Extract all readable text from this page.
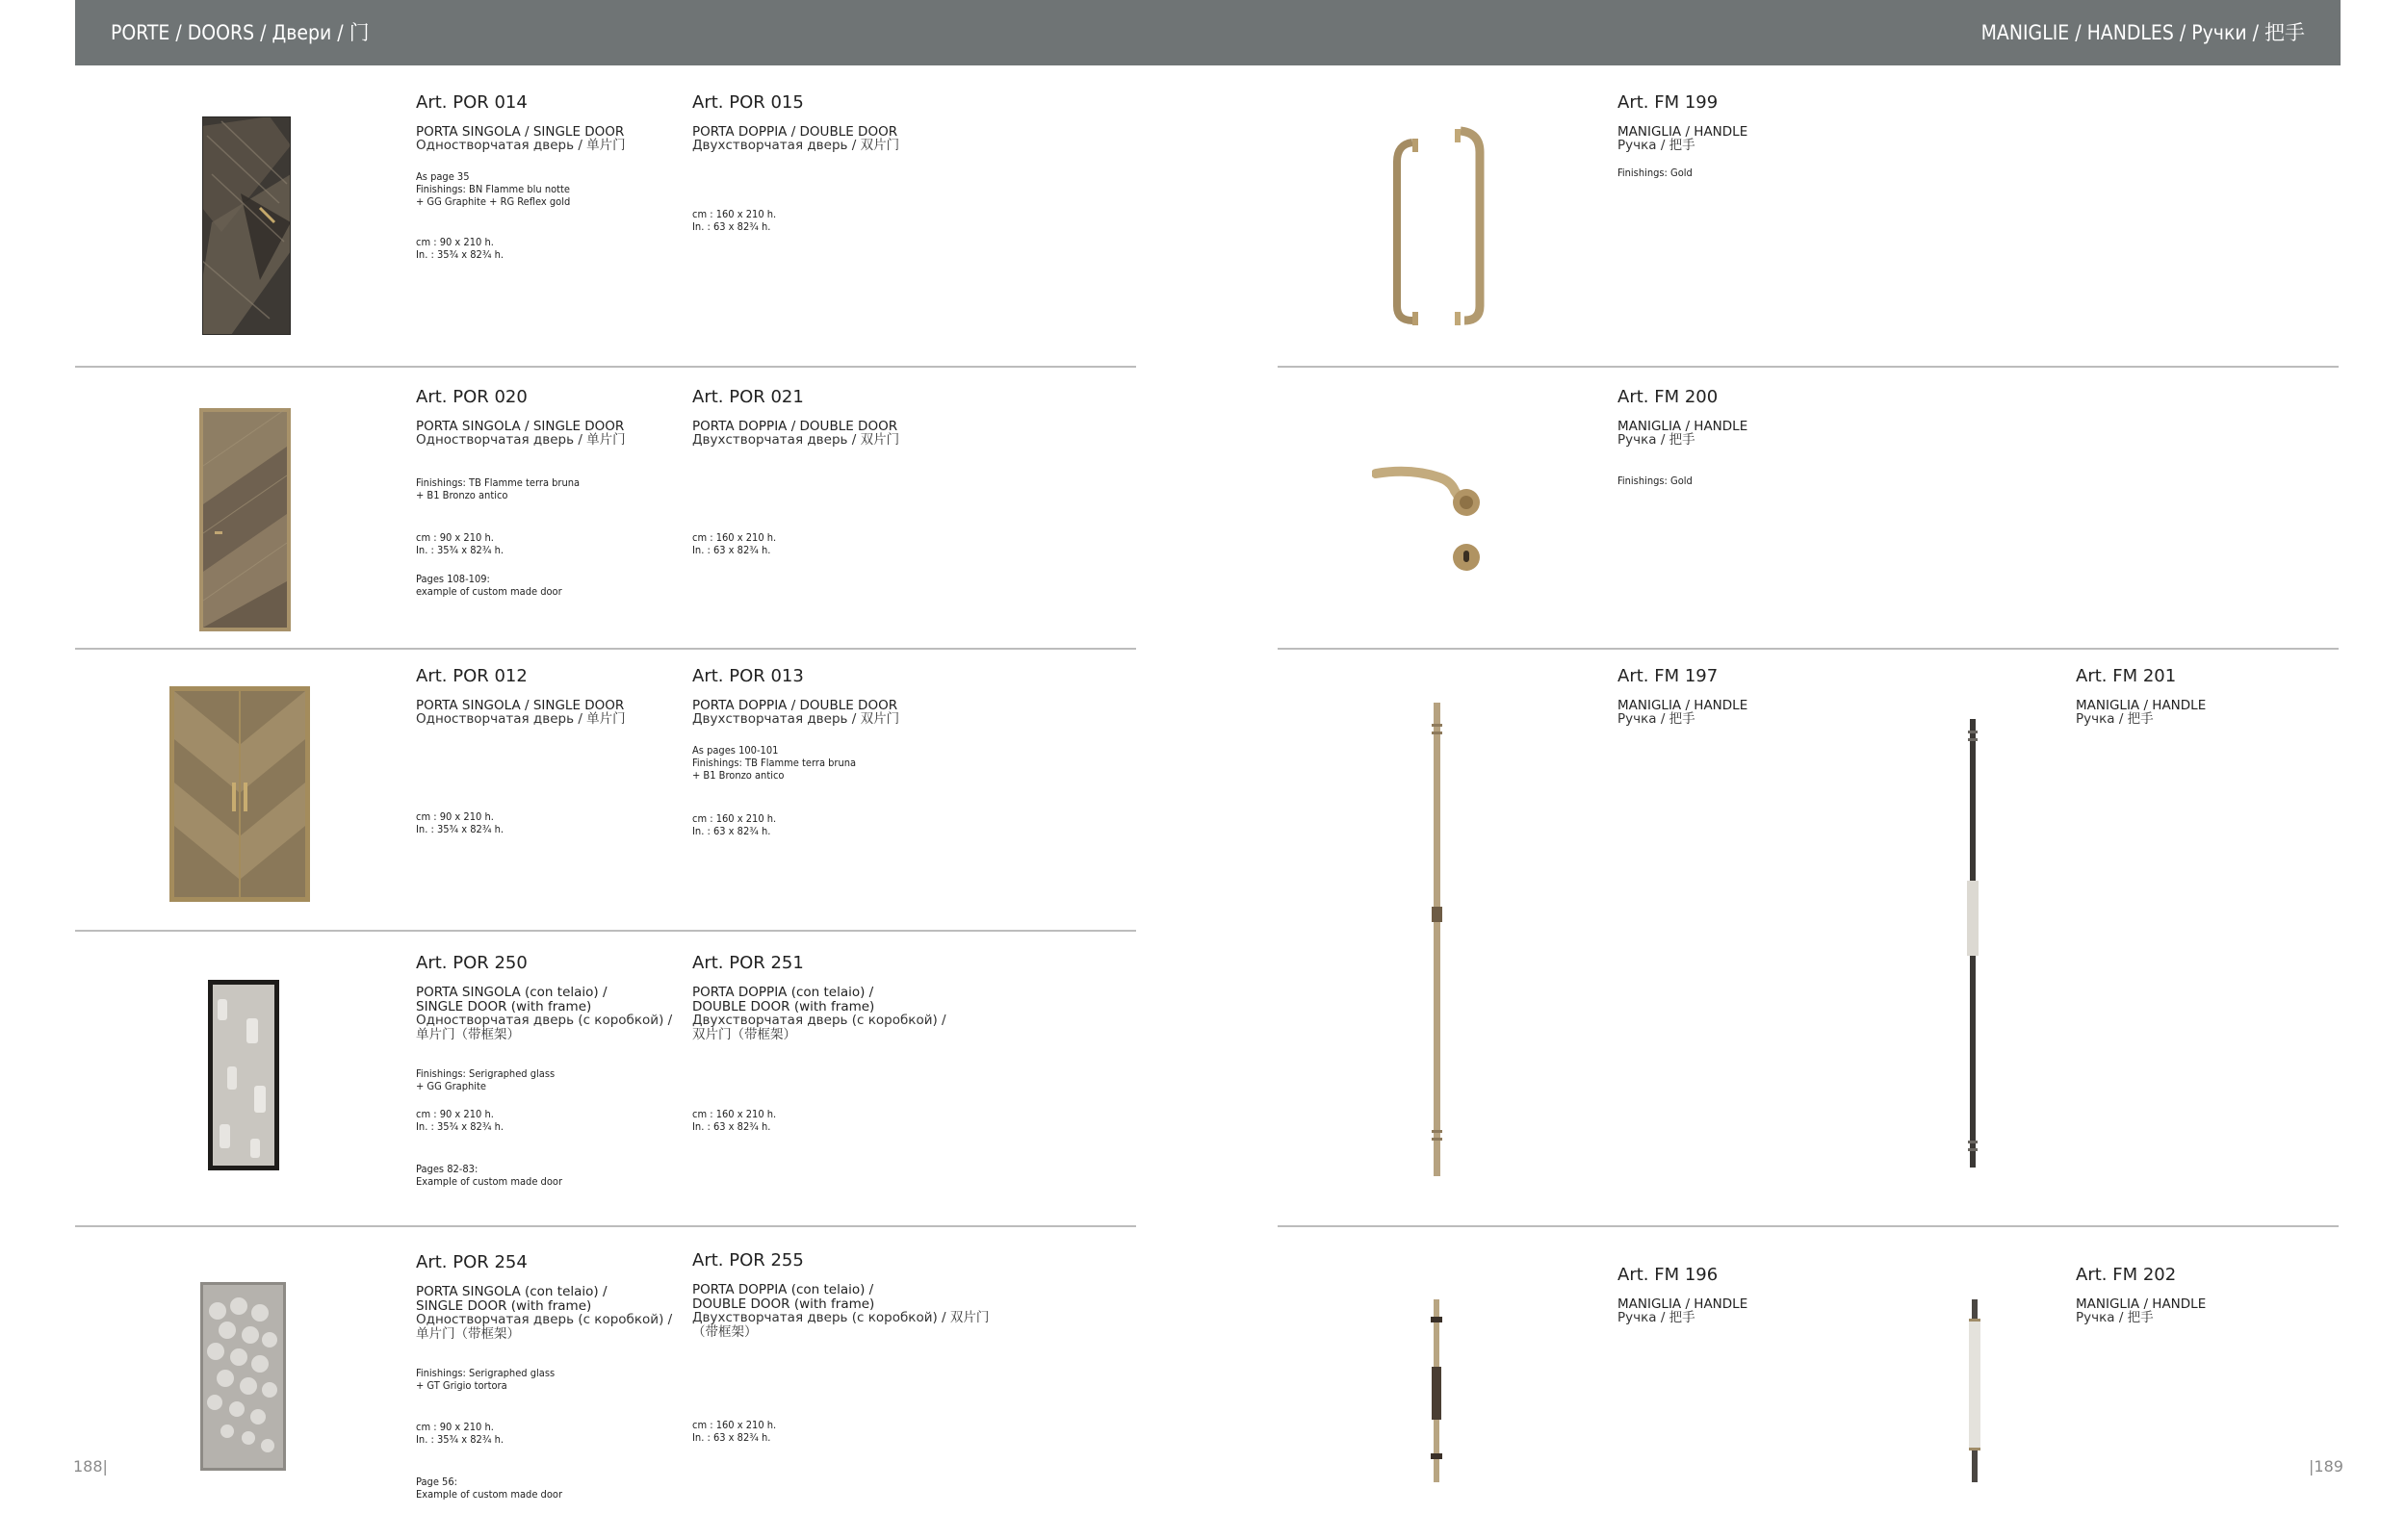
PORTE / DOORS / Двери / 门	MANIGLIE / HANDLES / Ручки / 把手
Art. POR 014
PORTA SINGOLA / SINGLE DOOR
Одностворчатая дверь / 单片门
As page 35
Finishings: BN Flamme blu notte
+ GG Graphite + RG Reflex gold
cm : 90 x 210 h.
In. : 35³⁄₄ x 82¾ h.
Art. POR 015
PORTA DOPPIA / DOUBLE DOOR
Двухстворчатая дверь / 双片门
cm : 160 x 210 h.
In. : 63 x 82¾ h.
Art. POR 020
PORTA SINGOLA / SINGLE DOOR
Одностворчатая дверь / 单片门
Finishings: TB Flamme terra bruna
+ B1 Bronzo antico
cm : 90 x 210 h.
In. : 35³⁄₄ x 82¾ h.
Pages 108-109:
example of custom made door
Art. POR 021
PORTA DOPPIA / DOUBLE DOOR
Двухстворчатая дверь / 双片门
cm : 160 x 210 h.
In. : 63 x 82¾ h.
Art. POR 012
PORTA SINGOLA / SINGLE DOOR
Одностворчатая дверь / 单片门
cm : 90 x 210 h.
In. : 35³⁄₄ x 82¾ h.
Art. POR 013
PORTA DOPPIA / DOUBLE DOOR
Двухстворчатая дверь / 双片门
As pages 100-101
Finishings: TB Flamme terra bruna
+ B1 Bronzo antico
cm : 160 x 210 h.
In. : 63 x 82¾ h.
Art. POR 250
PORTA SINGOLA (con telaio) /
SINGLE DOOR (with frame)
Одностворчатая дверь (с коробкой) /
单片门（带框架）
Finishings: Serigraphed glass
+ GG Graphite
cm : 90 x 210 h.
In. : 35³⁄₄ x 82¾ h.
Pages 82-83:
Example of custom made door
Art. POR 251
PORTA DOPPIA (con telaio) /
DOUBLE DOOR (with frame)
Двухстворчатая дверь (с коробкой) /
双片门（带框架）
cm : 160 x 210 h.
In. : 63 x 82¾ h.
Art. POR 254
PORTA SINGOLA (con telaio) /
SINGLE DOOR (with frame)
Одностворчатая дверь (с коробкой) /
单片门（带框架）
Finishings: Serigraphed glass
+ GT Grigio tortora
cm : 90 x 210 h.
In. : 35³⁄₄ x 82¾ h.
Page 56:
Example of custom made door
Art. POR 255
PORTA DOPPIA (con telaio) /
DOUBLE DOOR (with frame)
Двухстворчатая дверь (с коробкой) / 双片门
（带框架）
cm : 160 x 210 h.
In. : 63 x 82¾ h.
Art. FM 199
MANIGLIA / HANDLE
Ручка / 把手
Finishings: Gold
Art. FM 200
MANIGLIA / HANDLE
Ручка / 把手
Finishings: Gold
Art. FM 197
MANIGLIA / HANDLE
Ручка / 把手
Art. FM 201
MANIGLIA / HANDLE
Ручка / 把手
Art. FM 196
MANIGLIA / HANDLE
Ручка / 把手
Art. FM 202
MANIGLIA / HANDLE
Ручка / 把手
188|	|189
